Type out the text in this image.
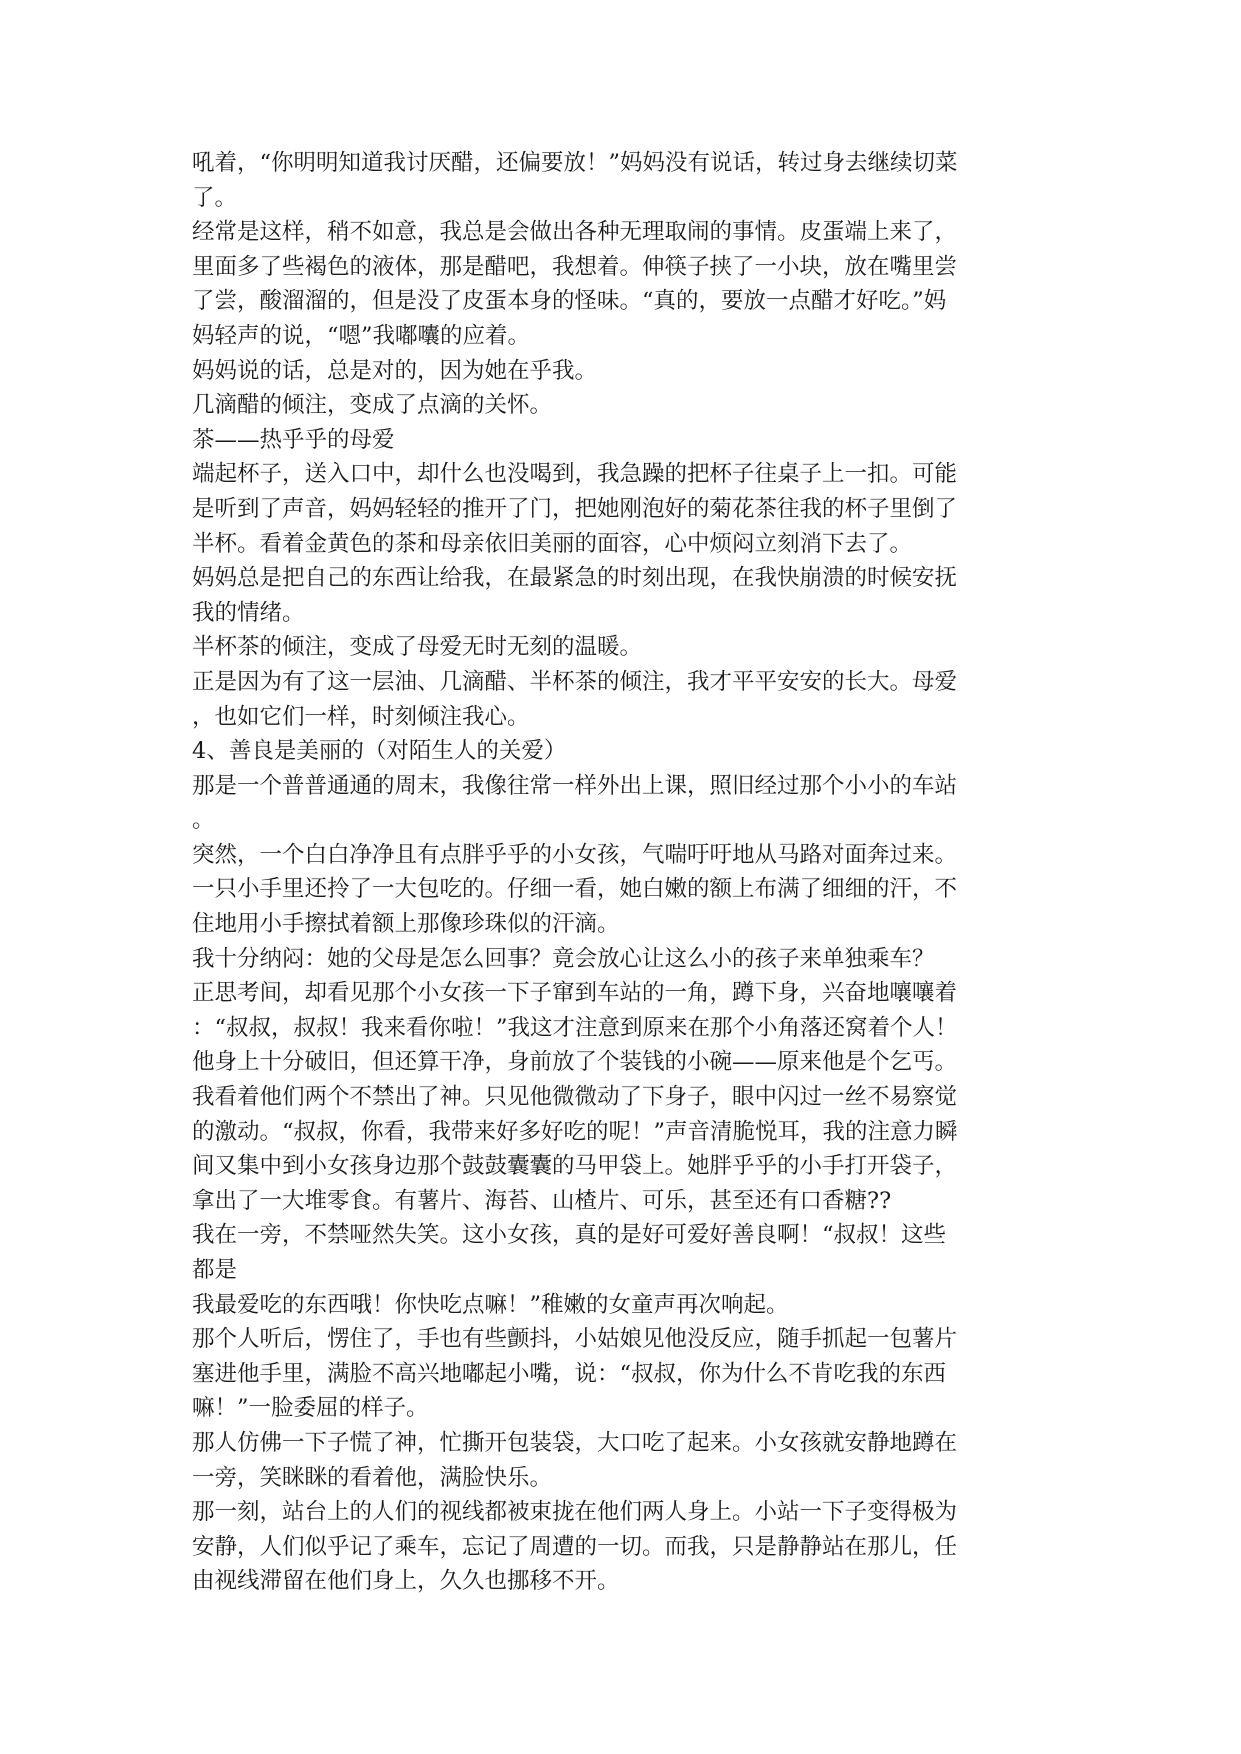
吼着，“你明明知道我讨厌醋，还偏要放！”妈妈没有说话，转过身去继续切菜
了。
经常是这样，稍不如意，我总是会做出各种无理取闹的事情。皮蛋端上来了，
里面多了些褐色的液体，那是醋吧，我想着。伸筷子挟了一小块，放在嘴里尝
了尝，酸溜溜的，但是没了皮蛋本身的怪味。“真的，要放一点醋才好吃。”妈
妈轻声的说，“嗯”我嘟囔的应着。
妈妈说的话，总是对的，因为她在乎我。
几滴醋的倾注，变成了点滴的关怀。
茶——热乎乎的母爱
端起杯子，送入口中，却什么也没喝到，我急躁的把杯子往桌子上一扣。可能
是听到了声音，妈妈轻轻的推开了门，把她刚泡好的菊花茶往我的杯子里倒了
半杯。看着金黄色的茶和母亲依旧美丽的面容，心中烦闷立刻消下去了。
妈妈总是把自己的东西让给我，在最紧急的时刻出现，在我快崩溃的时候安抚
我的情绪。
半杯茶的倾注，变成了母爱无时无刻的温暖。
正是因为有了这一层油、几滴醋、半杯茶的倾注，我才平平安安的长大。母爱
，也如它们一样，时刻倾注我心。
4、善良是美丽的（对陌生人的关爱）
那是一个普普通通的周末，我像往常一样外出上课，照旧经过那个小小的车站
。
突然，一个白白净净且有点胖乎乎的小女孩，气喘吁吁地从马路对面奔过来。
一只小手里还拎了一大包吃的。仔细一看，她白嫩的额上布满了细细的汗，不
住地用小手擦拭着额上那像珍珠似的汗滴。
我十分纳闷：她的父母是怎么回事？竟会放心让这么小的孩子来单独乘车？
正思考间，却看见那个小女孩一下子窜到车站的一角，蹲下身，兴奋地嚷嚷着
：“叔叔，叔叔！我来看你啦！”我这才注意到原来在那个小角落还窝着个人！
他身上十分破旧，但还算干净，身前放了个装钱的小碗——原来他是个乞丐。
我看着他们两个不禁出了神。只见他微微动了下身子，眼中闪过一丝不易察觉
的激动。“叔叔，你看，我带来好多好吃的呢！”声音清脆悦耳，我的注意力瞬
间又集中到小女孩身边那个鼓鼓囊囊的马甲袋上。她胖乎乎的小手打开袋子，
拿出了一大堆零食。有薯片、海苔、山楂片、可乐，甚至还有口香糖??
我在一旁，不禁哑然失笑。这小女孩，真的是好可爱好善良啊！“叔叔！这些
都是
我最爱吃的东西哦！你快吃点嘛！”稚嫩的女童声再次响起。
那个人听后，愣住了，手也有些颤抖，小姑娘见他没反应，随手抓起一包薯片
塞进他手里，满脸不高兴地嘟起小嘴，说：“叔叔，你为什么不肯吃我的东西
嘛！”一脸委屈的样子。
那人仿佛一下子慌了神，忙撕开包装袋，大口吃了起来。小女孩就安静地蹲在
一旁，笑眯眯的看着他，满脸快乐。
那一刻，站台上的人们的视线都被束拢在他们两人身上。小站一下子变得极为
安静，人们似乎记了乘车，忘记了周遭的一切。而我，只是静静站在那儿，任
由视线滞留在他们身上，久久也挪移不开。
